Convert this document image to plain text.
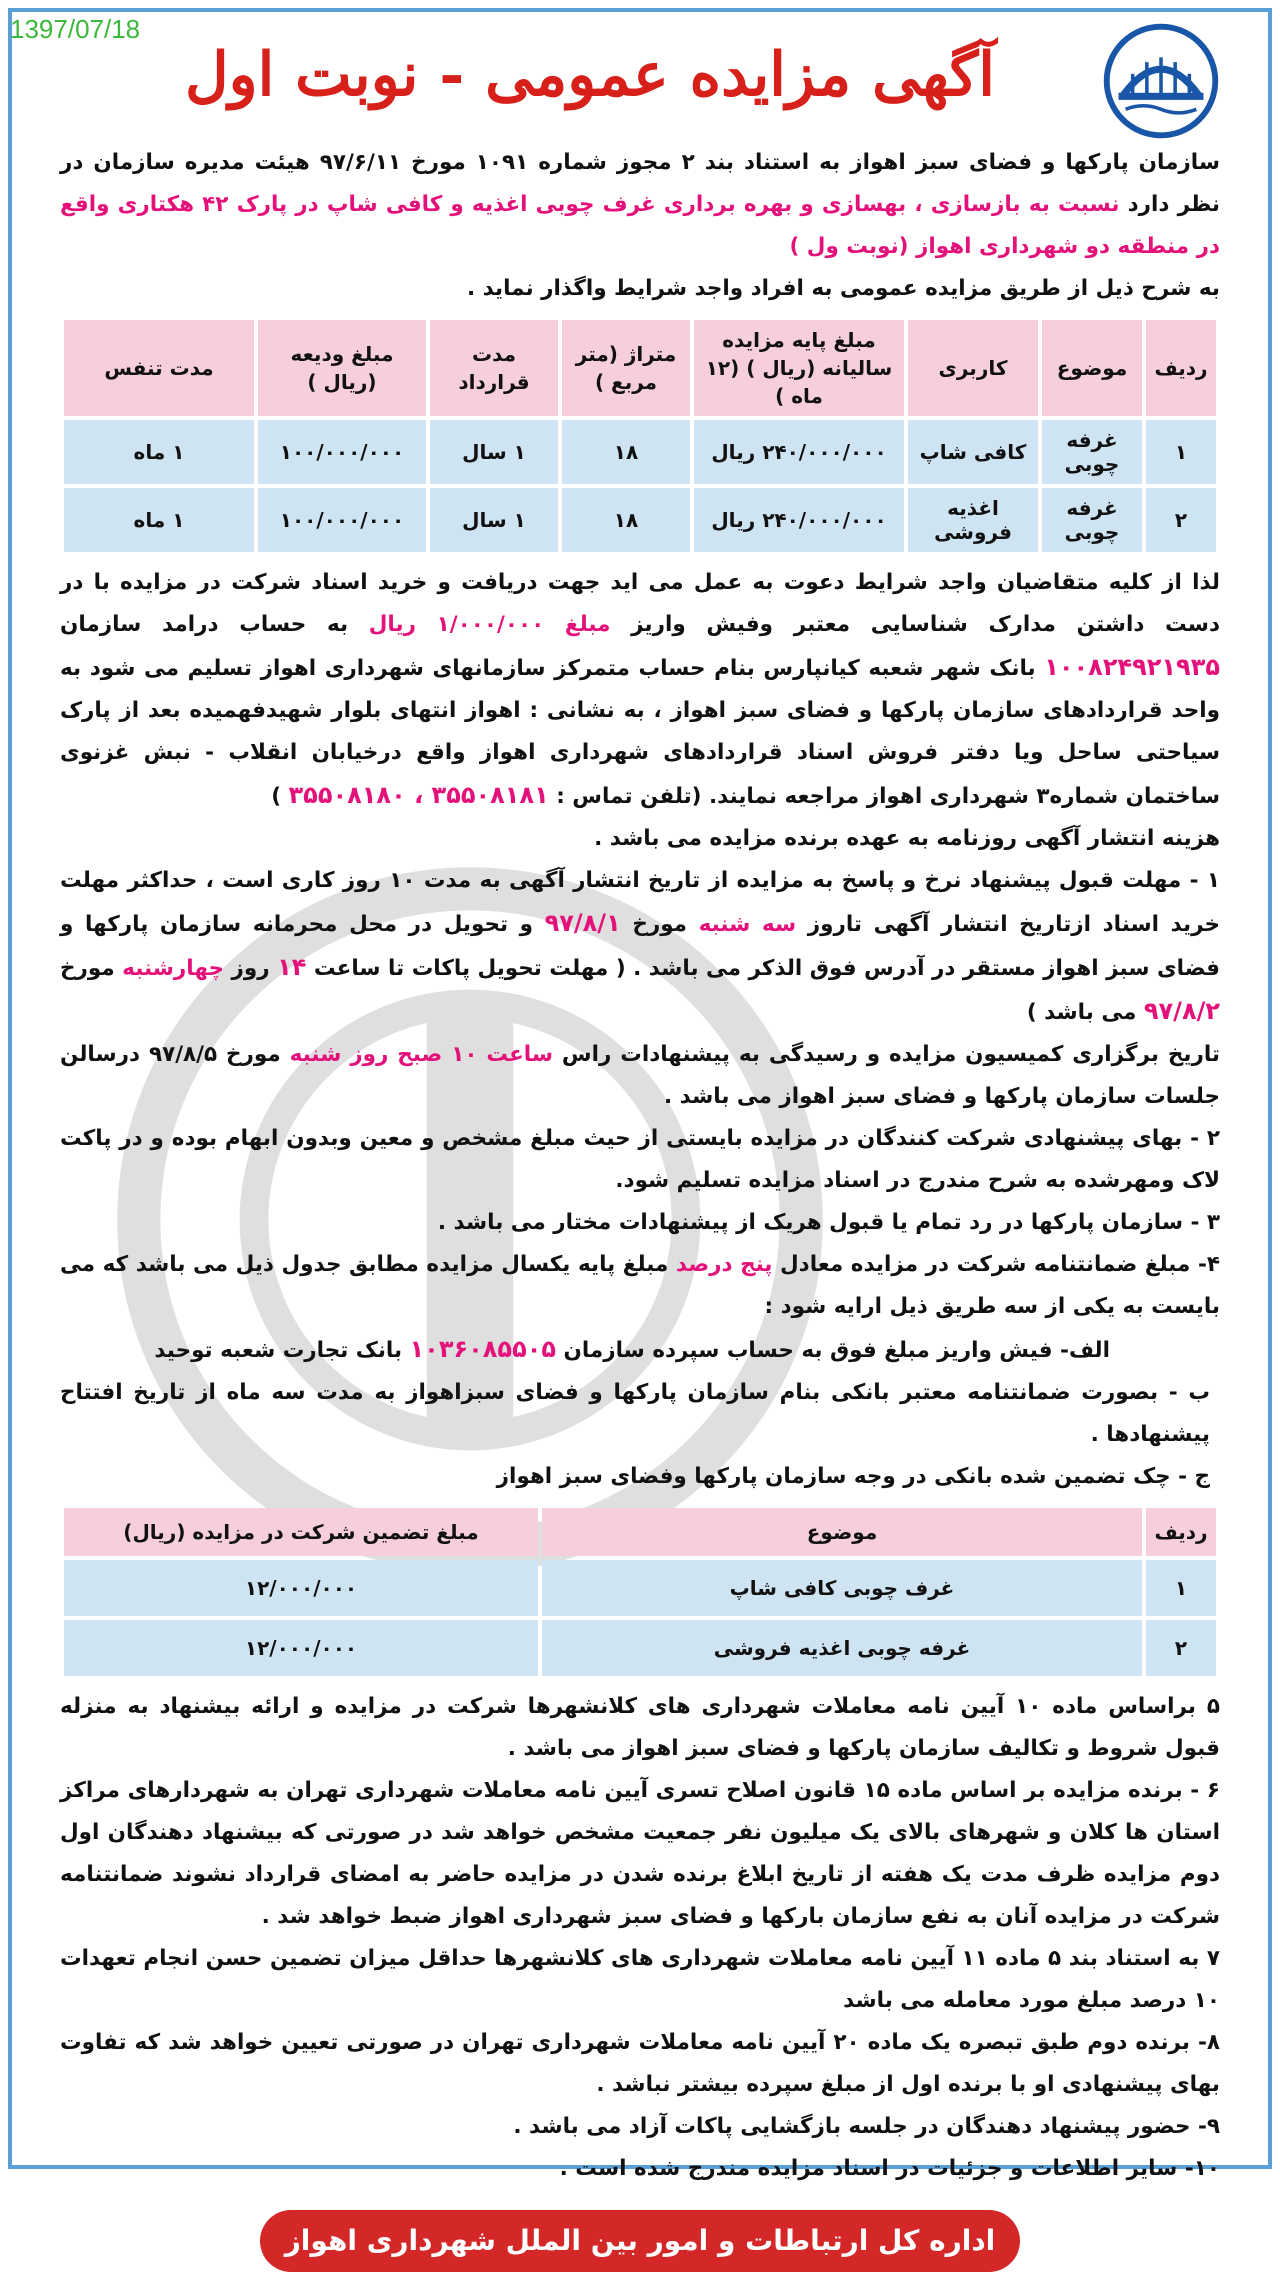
1397/07/18
آگهی مزایده عمومی - نوبت اول

سازمان پارکها و فضای سبز اهواز به استناد بند ۲ مجوز شماره ۱۰۹۱ مورخ ۹۷/۶/۱۱ هیئت مدیره سازمان در نظر دارد نسبت به بازسازی ، بهسازی و بهره برداری غرف چوبی اغذیه و کافی شاپ در پارک ۴۲ هکتاری واقع در منطقه دو شهرداری اهواز (نوبت ول )

به شرح ذیل از طریق مزایده عمومی به افراد واجد شرایط واگذار نماید .

ردیف	موضوع	کاربری	مبلغ پایه مزایده سالیانه (ریال ) (۱۲ ماه )	متراژ (متر مربع )	مدت قرارداد	مبلغ ودیعه (ریال )	مدت تنفس
۱	غرفه چوبی	کافی شاپ	۲۴۰/۰۰۰/۰۰۰ ریال	۱۸	۱ سال	۱۰۰/۰۰۰/۰۰۰	۱ ماه
۲	غرفه چوبی	اغذیه فروشی	۲۴۰/۰۰۰/۰۰۰ ریال	۱۸	۱ سال	۱۰۰/۰۰۰/۰۰۰	۱ ماه

لذا از کلیه متقاضیان واجد شرایط دعوت به عمل می اید جهت دریافت و خرید اسناد شرکت در مزایده با در دست داشتن مدارک شناسایی معتبر وفیش واریز مبلغ ۱/۰۰۰/۰۰۰ ریال به حساب درامد سازمان ۱۰۰۸۲۴۹۲۱۹۳۵ بانک شهر شعبه کیانپارس بنام حساب متمرکز سازمانهای شهرداری اهواز تسلیم می شود به واحد قراردادهای سازمان پارکها و فضای سبز اهواز ، به نشانی : اهواز انتهای بلوار شهیدفهمیده بعد از پارک سیاحتی ساحل ویا دفتر فروش اسناد قراردادهای شهرداری اهواز واقع درخیابان انقلاب - نبش غزنوی ساختمان شماره۳ شهرداری اهواز مراجعه نمایند. (تلفن تماس : ۳۵۵۰۸۱۸۱ ، ۳۵۵۰۸۱۸۰ )

هزینه انتشار آگهی روزنامه به عهده برنده مزایده می باشد .

۱ - مهلت قبول پیشنهاد نرخ و پاسخ به مزایده از تاریخ انتشار آگهی به مدت ۱۰ روز کاری است ، حداکثر مهلت خرید اسناد ازتاریخ انتشار آگهی تاروز سه شنبه مورخ ۹۷/۸/۱ و تحویل در محل محرمانه سازمان پارکها و فضای سبز اهواز مستقر در آدرس فوق الذکر می باشد . ( مهلت تحویل پاکات تا ساعت ۱۴ روز چهارشنبه مورخ ۹۷/۸/۲ می باشد )

تاریخ برگزاری کمیسیون مزایده و رسیدگی به پیشنهادات راس ساعت ۱۰ صبح روز شنبه مورخ ۹۷/۸/۵ درسالن جلسات سازمان پارکها و فضای سبز اهواز می باشد .

۲ - بهای پیشنهادی شرکت کنندگان در مزایده بایستی از حیث مبلغ مشخص و معین وبدون ابهام بوده و در پاکت لاک ومهرشده به شرح مندرج در اسناد مزایده تسلیم شود.

۳ - سازمان پارکها در رد تمام یا قبول هریک از پیشنهادات مختار می باشد .

۴- مبلغ ضمانتنامه شرکت در مزایده معادل پنج درصد مبلغ پایه یکسال مزایده مطابق جدول ذیل می باشد که می بایست به یکی از سه طریق ذیل ارایه شود :

الف- فیش واریز مبلغ فوق به حساب سپرده سازمان ۱۰۳۶۰۸۵۵۰۵ بانک تجارت شعبه توحید

ب - بصورت ضمانتنامه معتبر بانکی بنام سازمان پارکها و فضای سبزاهواز به مدت سه ماه از تاریخ افتتاح پیشنهادها .

ج - چک تضمین شده بانکی در وجه سازمان پارکها وفضای سبز اهواز

ردیف	موضوع	مبلغ تضمین شرکت در مزایده (ریال)
۱	غرف چوبی کافی شاپ	۱۲/۰۰۰/۰۰۰
۲	غرفه چوبی اغذیه فروشی	۱۲/۰۰۰/۰۰۰

۵ براساس ماده ۱۰ آیین نامه معاملات شهرداری های کلانشهرها شرکت در مزایده و ارائه بیشنهاد به منزله قبول شروط و تکالیف سازمان پارکها و فضای سبز اهواز می باشد .

۶ - برنده مزایده بر اساس ماده ۱۵ قانون اصلاح تسری آیین نامه معاملات شهرداری تهران به شهردارهای مراکز استان ها کلان و شهرهای بالای یک میلیون نفر جمعیت مشخص خواهد شد در صورتی که بیشنهاد دهندگان اول دوم مزایده ظرف مدت یک هفته از تاریخ ابلاغ برنده شدن در مزایده حاضر به امضای قرارداد نشوند ضمانتنامه شرکت در مزایده آنان به نفع سازمان بارکها و فضای سبز شهرداری اهواز ضبط خواهد شد .

۷ به استناد بند ۵ ماده ۱۱ آیین نامه معاملات شهرداری های کلانشهرها حداقل میزان تضمین حسن انجام تعهدات ۱۰ درصد مبلغ مورد معامله می باشد

۸- برنده دوم طبق تبصره یک ماده ۲۰ آیین نامه معاملات شهرداری تهران در صورتی تعیین خواهد شد که تفاوت بهای پیشنهادی او با برنده اول از مبلغ سپرده بیشتر نباشد .

۹- حضور پیشنهاد دهندگان در جلسه بازگشایی پاکات آزاد می باشد .

۱۰- سایر اطلاعات و جزئیات در اسناد مزایده مندرج شده است .

اداره کل ارتباطات و امور بین الملل شهرداری اهواز
